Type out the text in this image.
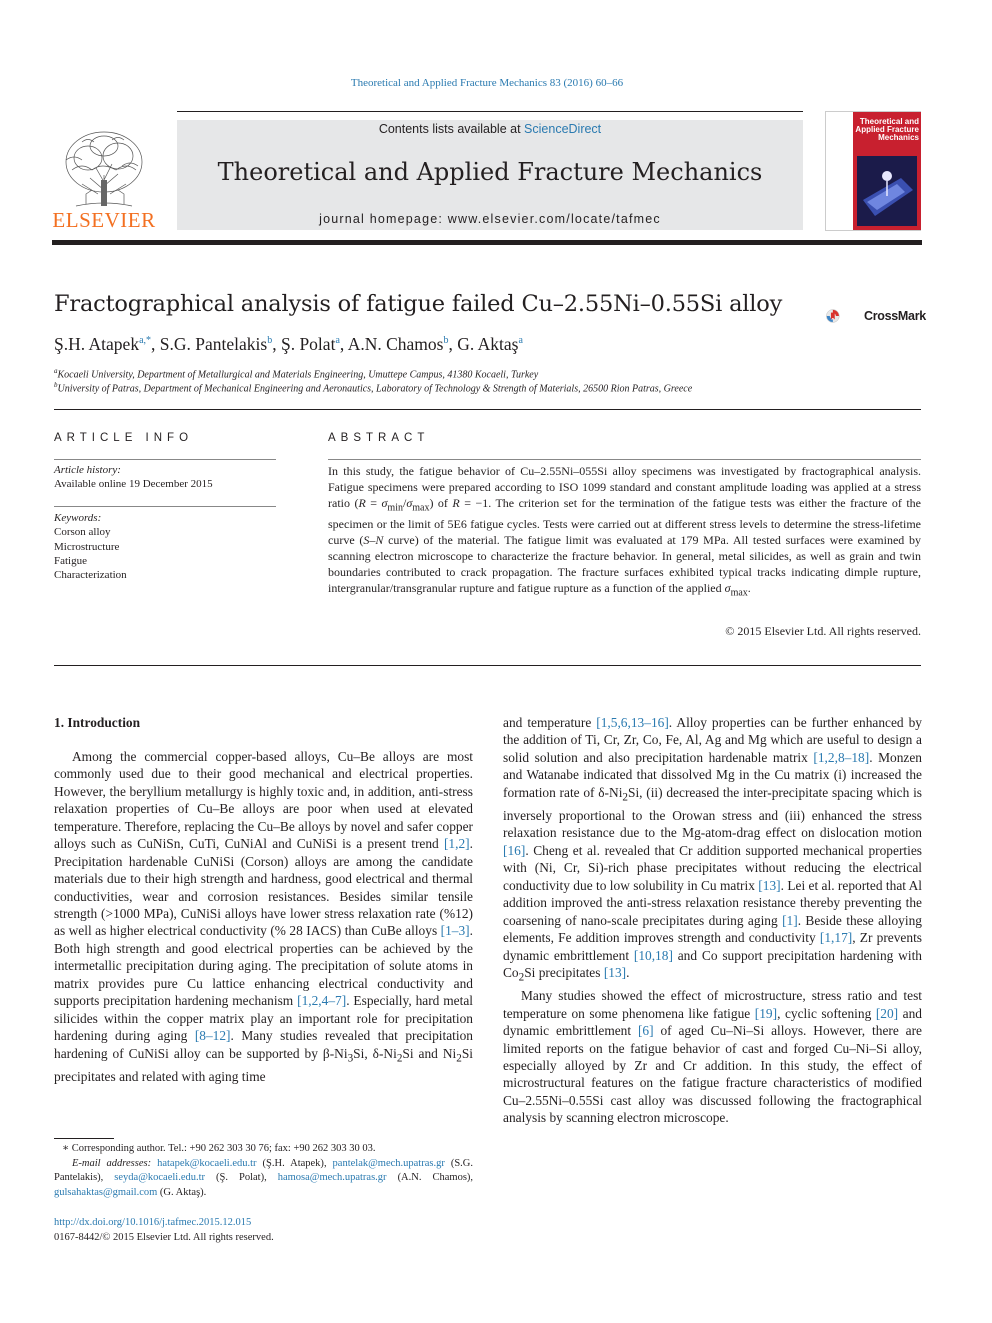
Theoretical and Applied Fracture Mechanics 83 (2016) 60–66
ELSEVIER
Contents lists available at ScienceDirect
Theoretical and Applied Fracture Mechanics
journal homepage: www.elsevier.com/locate/tafmec
Theoretical and Applied Fracture Mechanics
Fractographical analysis of fatigue failed Cu–2.55Ni–0.55Si alloy	CrossMark
Ş.H. Atapek$^{a,*}$, S.G. Pantelakis$^b$, Ş. Polat$^a$, A.N. Chamos$^b$, G. Aktaş$^a$
$^a$Kocaeli University, Department of Metallurgical and Materials Engineering, Umuttepe Campus, 41380 Kocaeli, Turkey
$^b$University of Patras, Department of Mechanical Engineering and Aeronautics, Laboratory of Technology & Strength of Materials, 26500 Rion Patras, Greece
ARTICLE INFO
Article history:
Available online 19 December 2015
Keywords:
Corson alloy
Microstructure
Fatigue
Characterization
ABSTRACT
In this study, the fatigue behavior of Cu–2.55Ni–055Si alloy specimens was investigated by fractographical analysis. Fatigue specimens were prepared according to ISO 1099 standard and constant amplitude loading was applied at a stress ratio $(R = \sigma_{min}/\sigma_{max})$ of R = −1. The criterion set for the termination of the fatigue tests was either the fracture of the specimen or the limit of 5E6 fatigue cycles. Tests were carried out at different stress levels to determine the stress-lifetime curve (S–N curve) of the material. The fatigue limit was evaluated at 179 MPa. All tested surfaces were examined by scanning electron microscope to characterize the fracture behavior. In general, metal silicides, as well as grain and twin boundaries contributed to crack propagation. The fracture surfaces exhibited typical tracks indicating dimple rupture, intergranular/transgranular rupture and fatigue rupture as a function of the applied $\sigma_{max}$.
© 2015 Elsevier Ltd. All rights reserved.

1. Introduction

Among the commercial copper-based alloys, Cu–Be alloys are most commonly used due to their good mechanical and electrical properties. However, the beryllium metallurgy is highly toxic and, in addition, anti-stress relaxation properties of Cu–Be alloys are poor when used at elevated temperature. Therefore, replacing the Cu–Be alloys by novel and safer copper alloys such as CuNiSn, CuTi, CuNiAl and CuNiSi is a present trend [1,2]. Precipitation hardenable CuNiSi (Corson) alloys are among the candidate materials due to their high strength and hardness, good electrical and thermal conductivities, wear and corrosion resistances. Besides similar tensile strength (>1000 MPa), CuNiSi alloys have lower stress relaxation rate (%12) as well as higher electrical conductivity (% 28 IACS) than CuBe alloys [1–3]. Both high strength and good electrical properties can be achieved by the intermetallic precipitation during aging. The precipitation of solute atoms in matrix provides pure Cu lattice enhancing electrical conductivity and supports precipitation hardening mechanism [1,2,4–7]. Especially, hard metal silicides within the copper matrix play an important role for precipitation hardening during aging [8–12]. Many studies revealed that precipitation hardening of CuNiSi alloy can be supported by $\beta-Ni_3Si$, $\delta-Ni_2Si$ and $Ni_2Si$ precipitates and related with aging time

and temperature [1,5,6,13–16]. Alloy properties can be further enhanced by the addition of Ti, Cr, Zr, Co, Fe, Al, Ag and Mg which are useful to design a solid solution and also precipitation hardenable matrix [1,2,8–18]. Monzen and Watanabe indicated that dissolved Mg in the Cu matrix (i) increased the formation rate of $\delta-Ni_2Si$, (ii) decreased the inter-precipitate spacing which is inversely proportional to the Orowan stress and (iii) enhanced the stress relaxation resistance due to the Mg-atom-drag effect on dislocation motion [16]. Cheng et al. revealed that Cr addition supported mechanical properties with (Ni, Cr, Si)-rich phase precipitates without reducing the electrical conductivity due to low solubility in Cu matrix [13]. Lei et al. reported that Al addition improved the anti-stress relaxation resistance thereby preventing the coarsening of nano-scale precipitates during aging [1]. Beside these alloying elements, Fe addition improves strength and conductivity [1,17], Zr prevents dynamic embrittlement [10,18] and Co support precipitation hardening with $Co_2Si$ precipitates [13].

Many studies showed the effect of microstructure, stress ratio and test temperature on some phenomena like fatigue [19], cyclic softening [20] and dynamic embrittlement [6] of aged Cu–Ni–Si alloys. However, there are limited reports on the fatigue behavior of cast and forged Cu–Ni–Si alloy, especially alloyed by Zr and Cr addition. In this study, the effect of microstructural features on the fatigue fracture characteristics of modified Cu–2.55Ni–0.55Si cast alloy was discussed following the fractographical analysis by scanning electron microscope.

∗ Corresponding author. Tel.: +90 262 303 30 76; fax: +90 262 303 30 03.
E-mail addresses: hatapek@kocaeli.edu.tr (Ş.H. Atapek), pantelak@mech.upatras.gr (S.G. Pantelakis), seyda@kocaeli.edu.tr (Ş. Polat), hamosa@mech.upatras.gr (A.N. Chamos), gulsahaktas@gmail.com (G. Aktaş).
http://dx.doi.org/10.1016/j.tafmec.2015.12.015
0167-8442/© 2015 Elsevier Ltd. All rights reserved.
